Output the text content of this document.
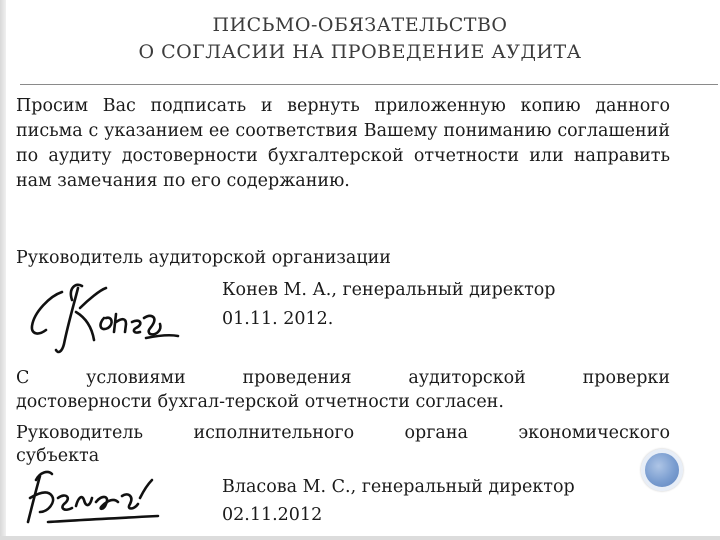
ПИСЬМО-ОБЯЗАТЕЛЬСТВО
О СОГЛАСИИ НА ПРОВЕДЕНИЕ АУДИТА
Просим Вас подписать и вернуть приложенную копию данного письма с указанием ее соответствия Вашему пониманию соглашений по аудиту достоверности бухгалтерской отчетности или направить нам замечания по его содержанию.
Руководитель аудиторской организации
Конев М. А., генеральный директор
01.11. 2012.
С	условиями	проведения	аудиторской	проверки
достоверности бухгал-терской отчетности согласен.
Руководитель	исполнительного	органа	экономического
субъекта
Власова М. С., генеральный директор
02.11.2012
